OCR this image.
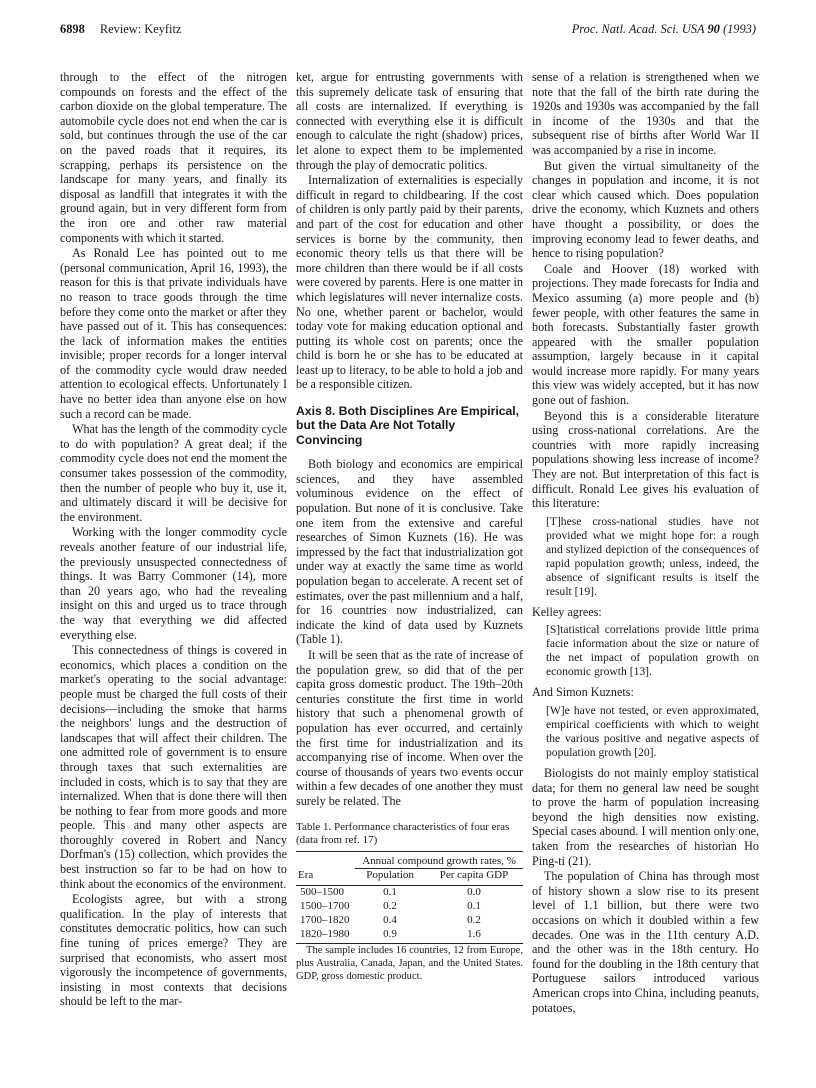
6898 Review: Keyfitz	Proc. Natl. Acad. Sci. USA 90 (1993)

through to the effect of the nitrogen compounds on forests and the effect of the carbon dioxide on the global temperature. The automobile cycle does not end when the car is sold, but continues through the use of the car on the paved roads that it requires, its scrapping, perhaps its persistence on the landscape for many years, and finally its disposal as landfill that integrates it with the ground again, but in very different form from the iron ore and other raw material components with which it started.

As Ronald Lee has pointed out to me (personal communication, April 16, 1993), the reason for this is that private individuals have no reason to trace goods through the time before they come onto the market or after they have passed out of it. This has consequences: the lack of information makes the entities invisible; proper records for a longer interval of the commodity cycle would draw needed attention to ecological effects. Unfortunately I have no better idea than anyone else on how such a record can be made.

What has the length of the commodity cycle to do with population? A great deal; if the commodity cycle does not end the moment the consumer takes possession of the commodity, then the number of people who buy it, use it, and ultimately discard it will be decisive for the environment.

Working with the longer commodity cycle reveals another feature of our industrial life, the previously unsuspected connectedness of things. It was Barry Commoner (14), more than 20 years ago, who had the revealing insight on this and urged us to trace through the way that everything we did affected everything else.

This connectedness of things is covered in economics, which places a condition on the market's operating to the social advantage: people must be charged the full costs of their decisions—including the smoke that harms the neighbors' lungs and the destruction of landscapes that will affect their children. The one admitted role of government is to ensure through taxes that such externalities are included in costs, which is to say that they are internalized. When that is done there will then be nothing to fear from more goods and more people. This and many other aspects are thoroughly covered in Robert and Nancy Dorfman's (15) collection, which provides the best instruction so far to be had on how to think about the economics of the environment.

Ecologists agree, but with a strong qualification. In the play of interests that constitutes democratic politics, how can such fine tuning of prices emerge? They are surprised that economists, who assert most vigorously the incompetence of governments, insisting in most contexts that decisions should be left to the mar-

ket, argue for entrusting governments with this supremely delicate task of ensuring that all costs are internalized. If everything is connected with everything else it is difficult enough to calculate the right (shadow) prices, let alone to expect them to be implemented through the play of democratic politics.

Internalization of externalities is especially difficult in regard to childbearing. If the cost of children is only partly paid by their parents, and part of the cost for education and other services is borne by the community, then economic theory tells us that there will be more children than there would be if all costs were covered by parents. Here is one matter in which legislatures will never internalize costs. No one, whether parent or bachelor, would today vote for making education optional and putting its whole cost on parents; once the child is born he or she has to be educated at least up to literacy, to be able to hold a job and be a responsible citizen.

Axis 8. Both Disciplines Are Empirical, but the Data Are Not Totally Convincing

Both biology and economics are empirical sciences, and they have assembled voluminous evidence on the effect of population. But none of it is conclusive. Take one item from the extensive and careful researches of Simon Kuznets (16). He was impressed by the fact that industrialization got under way at exactly the same time as world population began to accelerate. A recent set of estimates, over the past millennium and a half, for 16 countries now industrialized, can indicate the kind of data used by Kuznets (Table 1).

It will be seen that as the rate of increase of the population grew, so did that of the per capita gross domestic product. The 19th–20th centuries constitute the first time in world history that such a phenomenal growth of population has ever occurred, and certainly the first time for industrialization and its accompanying rise of income. When over the course of thousands of years two events occur within a few decades of one another they must surely be related. The

Table 1. Performance characteristics of four eras (data from ref. 17)

	Annual compound growth rates, %	
Era	Population	Per capita GDP
500–1500	0.1	0.0
1500–1700	0.2	0.1
1700–1820	0.4	0.2
1820–1980	0.9	1.6

The sample includes 16 countries, 12 from Europe, plus Australia, Canada, Japan, and the United States. GDP, gross domestic product.

sense of a relation is strengthened when we note that the fall of the birth rate during the 1920s and 1930s was accompanied by the fall in income of the 1930s and that the subsequent rise of births after World War II was accompanied by a rise in income.

But given the virtual simultaneity of the changes in population and income, it is not clear which caused which. Does population drive the economy, which Kuznets and others have thought a possibility, or does the improving economy lead to fewer deaths, and hence to rising population?

Coale and Hoover (18) worked with projections. They made forecasts for India and Mexico assuming (a) more people and (b) fewer people, with other features the same in both forecasts. Substantially faster growth appeared with the smaller population assumption, largely because in it capital would increase more rapidly. For many years this view was widely accepted, but it has now gone out of fashion.

Beyond this is a considerable literature using cross-national correlations. Are the countries with more rapidly increasing populations showing less increase of income? They are not. But interpretation of this fact is difficult. Ronald Lee gives his evaluation of this literature:

[T]hese cross-national studies have not provided what we might hope for: a rough and stylized depiction of the consequences of rapid population growth; unless, indeed, the absence of significant results is itself the result [19].

Kelley agrees:

[S]tatistical correlations provide little prima facie information about the size or nature of the net impact of population growth on economic growth [13].

And Simon Kuznets:

[W]e have not tested, or even approximated, empirical coefficients with which to weight the various positive and negative aspects of population growth [20].

Biologists do not mainly employ statistical data; for them no general law need be sought to prove the harm of population increasing beyond the high densities now existing. Special cases abound. I will mention only one, taken from the researches of historian Ho Ping-ti (21).

The population of China has through most of history shown a slow rise to its present level of 1.1 billion, but there were two occasions on which it doubled within a few decades. One was in the 11th century A.D. and the other was in the 18th century. Ho found for the doubling in the 18th century that Portuguese sailors introduced various American crops into China, including peanuts, potatoes,
